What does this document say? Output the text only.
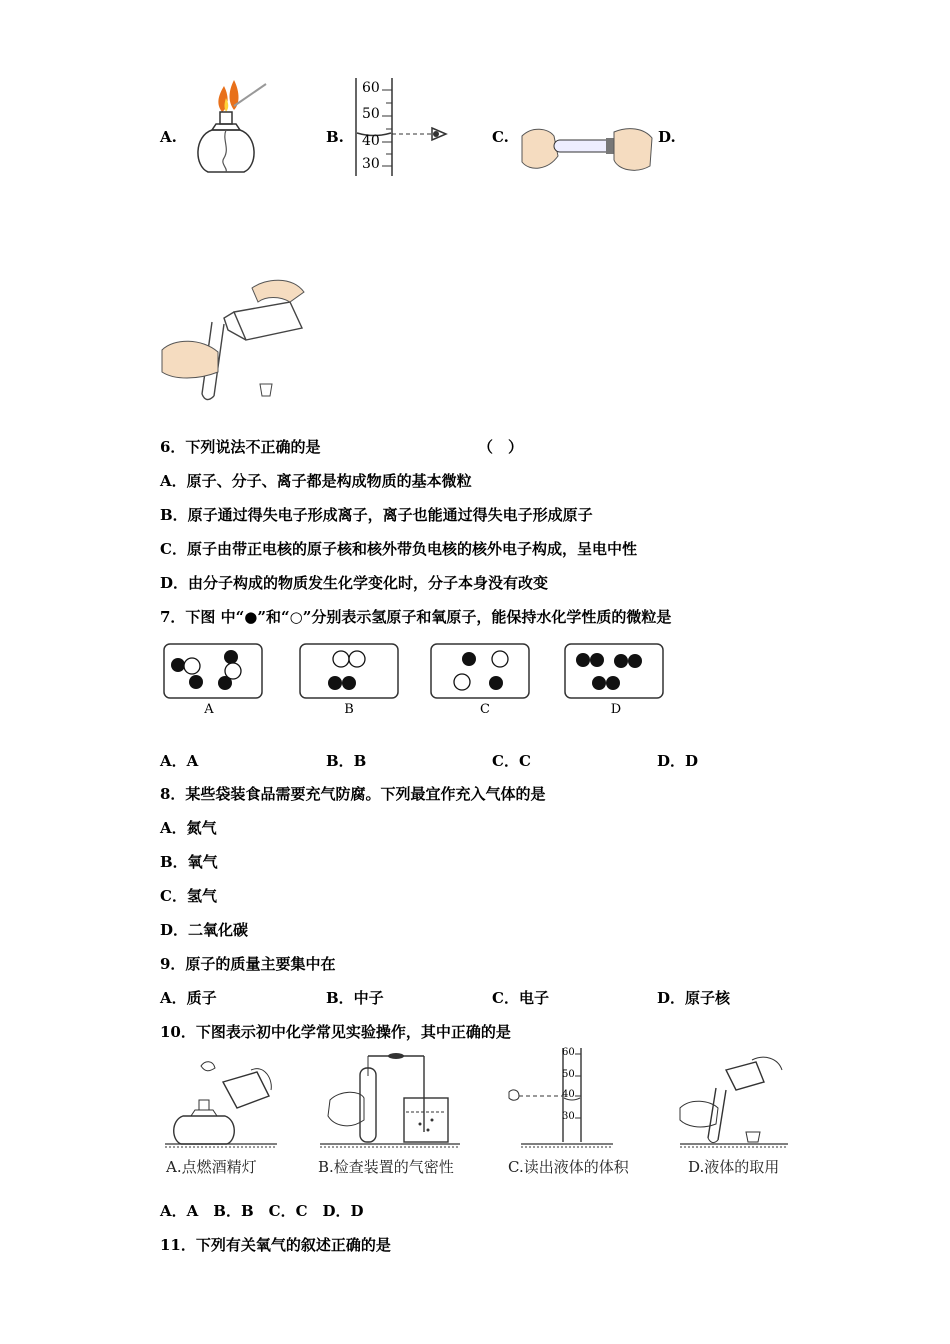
A.	B.
60
50
40
30
C.	D.
6．下列说法不正确的是	（　）
A．原子、分子、离子都是构成物质的基本微粒
B．原子通过得失电子形成离子，离子也能通过得失电子形成原子
C．原子由带正电核的原子核和核外带负电核的核外电子构成，呈电中性
D．由分子构成的物质发生化学变化时，分子本身没有改变
7．下图 中“●”和“○”分别表示氢原子和氧原子，能保持水化学性质的微粒是
A	B	C	D
A．A	B．B	C．C	D．D
8．某些袋装食品需要充气防腐。下列最宜作充入气体的是
A．氮气
B．氧气
C．氢气
D．二氧化碳
9．原子的质量主要集中在
A．质子	B．中子	C．电子	D．原子核
10．下图表示初中化学常见实验操作，其中正确的是
60
50
40
30
A.点燃酒精灯	B.检查装置的气密性	C.读出液体的体积	D.液体的取用
A．A　B．B　C．C　D．D
11．下列有关氧气的叙述正确的是
